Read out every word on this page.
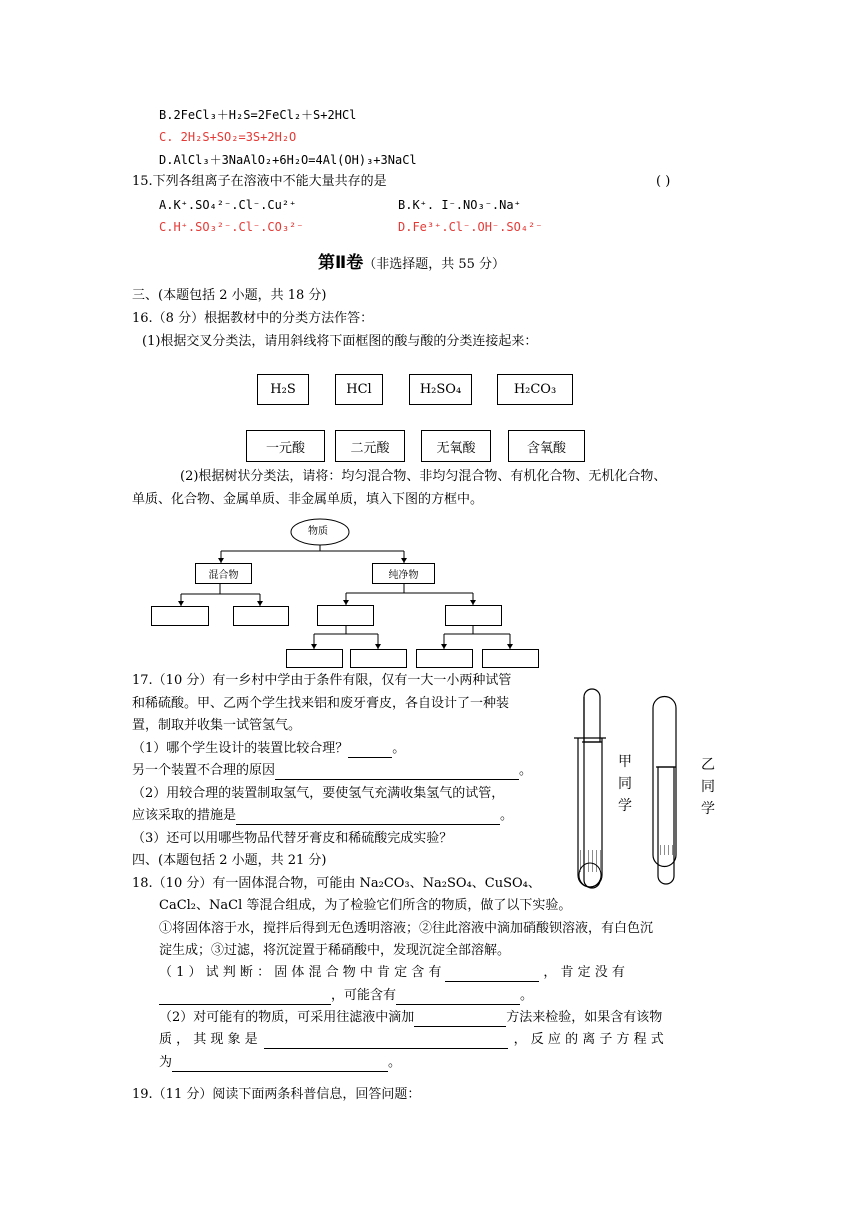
B.2FeCl₃＋H₂S=2FeCl₂＋S+2HCl
C. 2H₂S+SO₂=3S+2H₂O
D.AlCl₃＋3NaAlO₂+6H₂O=4Al(OH)₃+3NaCl
15.下列各组离子在溶液中不能大量共存的是	( )
A.K⁺.SO₄²⁻.Cl⁻.Cu²⁺	B.K⁺. I⁻.NO₃⁻.Na⁺
C.H⁺.SO₃²⁻.Cl⁻.CO₃²⁻	D.Fe³⁺.Cl⁻.OH⁻.SO₄²⁻
第Ⅱ卷（非选择题，共 55 分）
三、(本题包括 2 小题，共 18 分)
16.（8 分）根据教材中的分类方法作答：
(1)根据交叉分类法，请用斜线将下面框图的酸与酸的分类连接起来：
H₂S	HCl	H₂SO₄	H₂CO₃
一元酸	二元酸	无氧酸	含氧酸
(2)根据树状分类法，请将：均匀混合物、非均匀混合物、有机化合物、无机化合物、
单质、化合物、金属单质、非金属单质，填入下图的方框中。
物质
混合物	纯净物
17.（10 分）有一乡村中学由于条件有限，仅有一大一小两种试管
和稀硫酸。甲、乙两个学生找来铝和废牙膏皮，各自设计了一种装
置，制取并收集一试管氢气。
（1）哪个学生设计的装置比较合理？	。
另一个装置不合理的原因	。
（2）用较合理的装置制取氢气，要使氢气充满收集氢气的试管，
应该采取的措施是	。
（3）还可以用哪些物品代替牙膏皮和稀硫酸完成实验？
甲
同
学
乙
同
学
四、(本题包括 2 小题，共 21 分)
18.（10 分）有一固体混合物，可能由 Na₂CO₃、Na₂SO₄、CuSO₄、
CaCl₂、NaCl 等混合组成，为了检验它们所含的物质，做了以下实验。
①将固体溶于水，搅拌后得到无色透明溶液；②往此溶液中滴加硝酸钡溶液，有白色沉
淀生成；③过滤，将沉淀置于稀硝酸中，发现沉淀全部溶解。
（ 1 ） 试 判 断 ： 固 体 混 合 物 中 肯 定 含 有	， 肯 定 没 有
，可能含有	。
（2）对可能有的物质，可采用往滤液中滴加	方法来检验，如果含有该物
质 ， 其 现 象 是	， 反 应 的 离 子 方 程 式
为	。
19.（11 分）阅读下面两条科普信息，回答问题：
